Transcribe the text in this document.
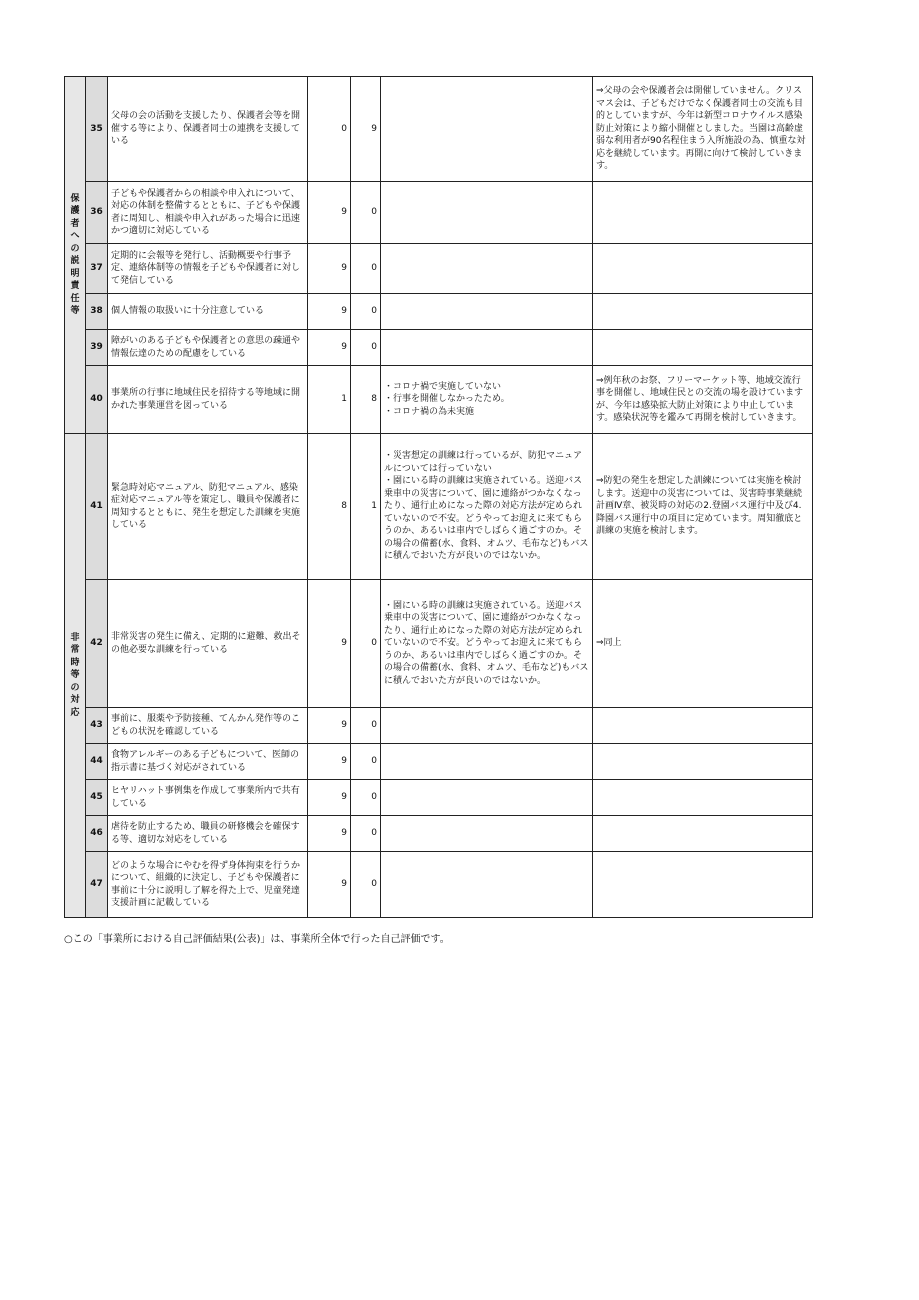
保護者への説明責任等	35	父母の会の活動を支援したり、保護者会等を開催する等により、保護者同士の連携を支援している	0	9		⇒父母の会や保護者会は開催していません。クリスマス会は、子どもだけでなく保護者同士の交流も目的としていますが、今年は新型コロナウイルス感染防止対策により縮小開催としました。当園は高齢虚弱な利用者が90名程住まう入所施設の為、慎重な対応を継続しています。再開に向けて検討していきます。

	36	子どもや保護者からの相談や申入れについて、対応の体制を整備するとともに、子どもや保護者に周知し、相談や申入れがあった場合に迅速かつ適切に対応している	9	0		
	37	定期的に会報等を発行し、活動概要や行事予定、連絡体制等の情報を子どもや保護者に対して発信している	9	0		
	38	個人情報の取扱いに十分注意している	9	0		
	39	障がいのある子どもや保護者との意思の疎通や情報伝達のための配慮をしている	9	0		
	40	事業所の行事に地域住民を招待する等地域に開かれた事業運営を図っている	1	8	・コロナ禍で実施していない
・行事を開催しなかったため。
・コロナ禍の為未実施	⇒例年秋のお祭、フリーマーケット等、地域交流行事を開催し、地域住民との交流の場を設けていますが、今年は感染拡大防止対策により中止しています。感染状況等を鑑みて再開を検討していきます。

非常時等の対応	41	緊急時対応マニュアル、防犯マニュアル、感染症対応マニュアル等を策定し、職員や保護者に周知するとともに、発生を想定した訓練を実施している	8	1	・災害想定の訓練は行っているが、防犯マニュアルについては行っていない
・園にいる時の訓練は実施されている。送迎バス乗車中の災害について、園に連絡がつかなくなったり、通行止めになった際の対応方法が定められていないので不安。どうやってお迎えに来てもらうのか、あるいは車内でしばらく過ごすのか。その場合の備蓄(水、食料、オムツ、毛布など)もバスに積んでおいた方が良いのではないか。	⇒防犯の発生を想定した訓練については実施を検討します。送迎中の災害については、災害時事業継続計画Ⅳ章、被災時の対応の2.登園バス運行中及び4.降園バス運行中の項目に定めています。周知徹底と訓練の実施を検討します。

	42	非常災害の発生に備え、定期的に避難、救出その他必要な訓練を行っている	9	0	・園にいる時の訓練は実施されている。送迎バス乗車中の災害について、園に連絡がつかなくなったり、通行止めになった際の対応方法が定められていないので不安。どうやってお迎えに来てもらうのか、あるいは車内でしばらく過ごすのか。その場合の備蓄(水、食料、オムツ、毛布など)もバスに積んでおいた方が良いのではないか。	⇒同上

	43	事前に、服薬や予防接種、てんかん発作等のこどもの状況を確認している	9	0		
	44	食物アレルギーのある子どもについて、医師の指示書に基づく対応がされている	9	0		
	45	ヒヤリハット事例集を作成して事業所内で共有している	9	0		
	46	虐待を防止するため、職員の研修機会を確保する等、適切な対応をしている	9	0		
	47	どのような場合にやむを得ず身体拘束を行うかについて、組織的に決定し、子どもや保護者に事前に十分に説明し了解を得た上で、児童発達支援計画に記載している	9	0		
○この「事業所における自己評価結果(公表)」は、事業所全体で行った自己評価です。
